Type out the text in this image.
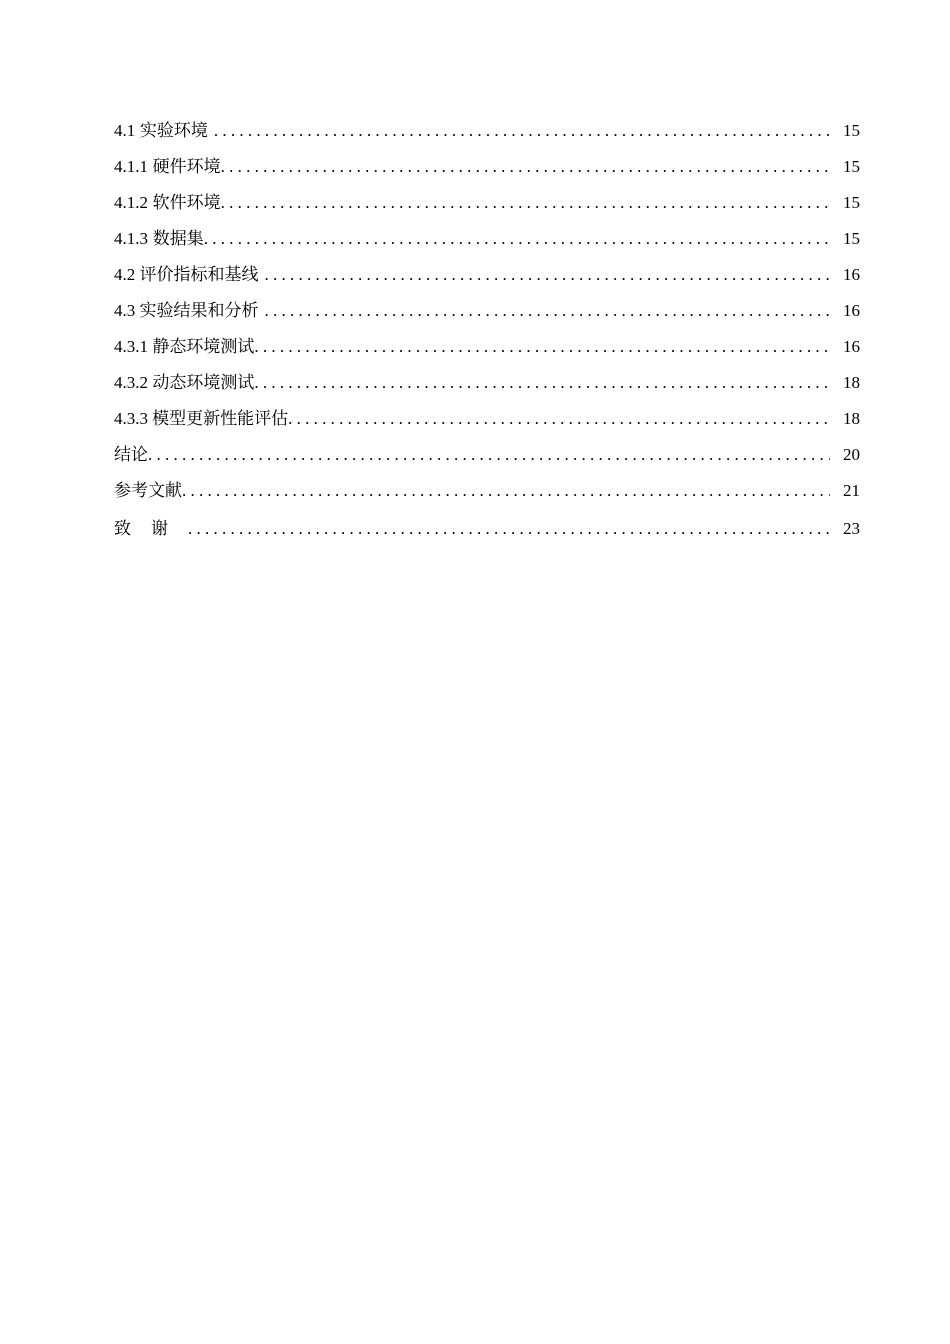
4.1 实验环境 . . .	15
4.1.1 硬件环境 . . .	15
4.1.2 软件环境 . . .	15
4.1.3 数据集 . . .	15
4.2 评价指标和基线 . . .	16
4.3 实验结果和分析 . . .	16
4.3.1 静态环境测试 . . .	16
4.3.2 动态环境测试 . . .	18
4.3.3 模型更新性能评估 . . .	18
结论 . . .	20
参考文献 . . .	21
致谢 . . .	23
